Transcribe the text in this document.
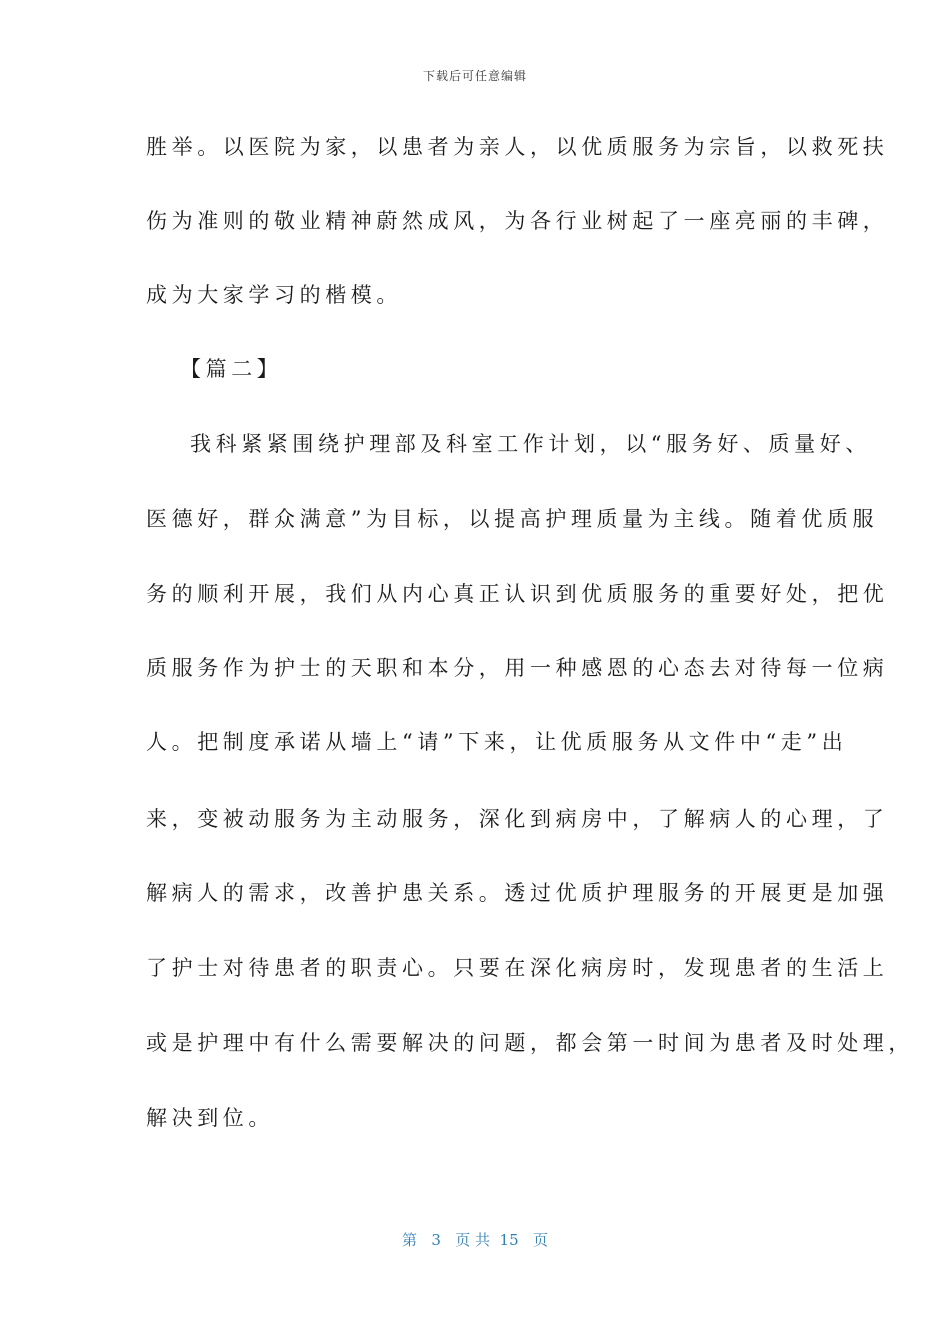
下载后可任意编辑
胜举。以医院为家，以患者为亲人，以优质服务为宗旨，以救死扶
伤为准则的敬业精神蔚然成风，为各行业树起了一座亮丽的丰碑，
成为大家学习的楷模。
【篇二】
我科紧紧围绕护理部及科室工作计划，以“服务好、质量好、
医德好，群众满意”为目标，以提高护理质量为主线。随着优质服
务的顺利开展，我们从内心真正认识到优质服务的重要好处，把优
质服务作为护士的天职和本分，用一种感恩的心态去对待每一位病
人。把制度承诺从墙上“请”下来，让优质服务从文件中“走”出
来，变被动服务为主动服务，深化到病房中，了解病人的心理，了
解病人的需求，改善护患关系。透过优质护理服务的开展更是加强
了护士对待患者的职责心。只要在深化病房时，发现患者的生活上
或是护理中有什么需要解决的问题，都会第一时间为患者及时处理，
解决到位。
第 3 页 共 15 页
